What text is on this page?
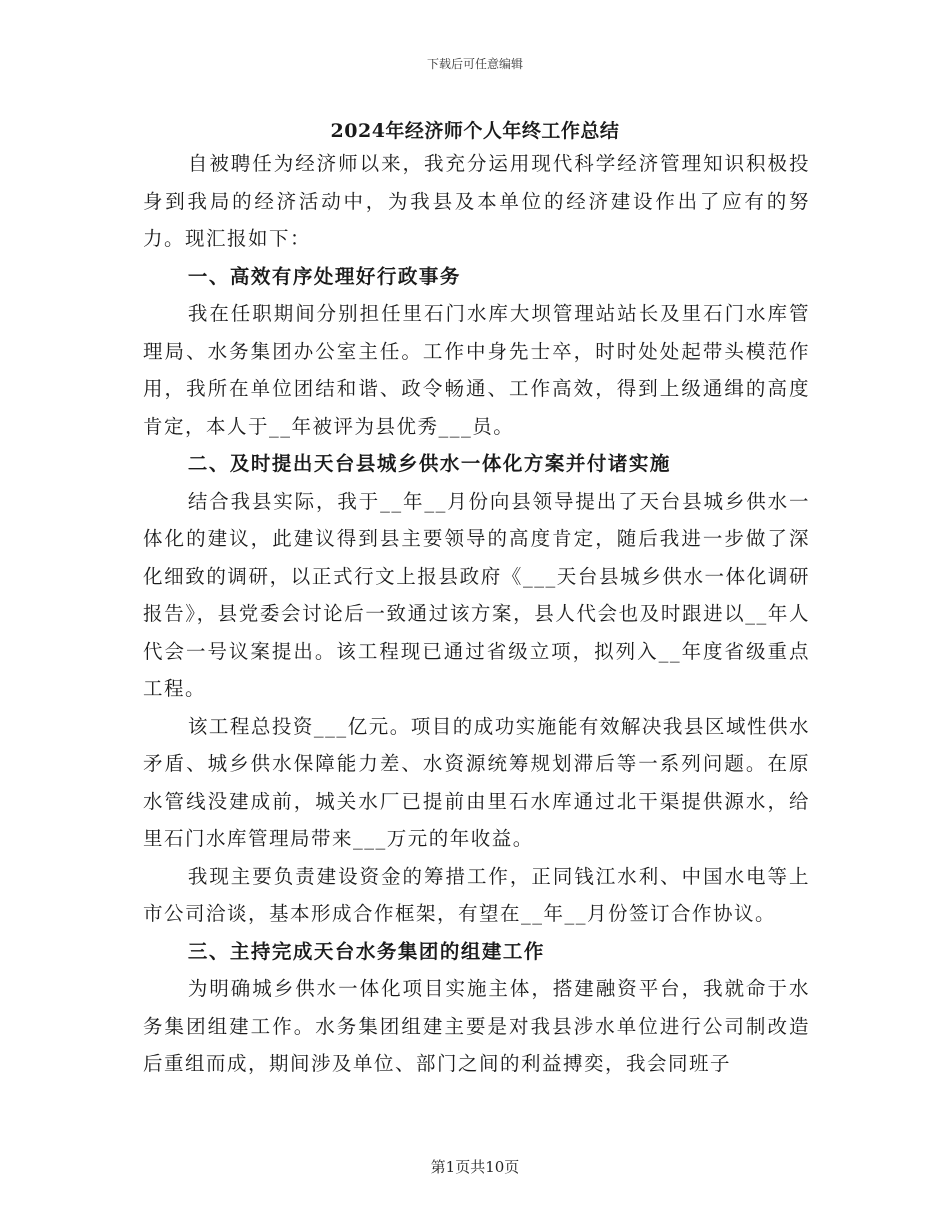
下载后可任意编辑
2024年经济师个人年终工作总结

自被聘任为经济师以来，我充分运用现代科学经济管理知识积极投身到我局的经济活动中，为我县及本单位的经济建设作出了应有的努力。现汇报如下：

一、高效有序处理好行政事务

我在任职期间分别担任里石门水库大坝管理站站长及里石门水库管理局、水务集团办公室主任。工作中身先士卒，时时处处起带头模范作用，我所在单位团结和谐、政令畅通、工作高效，得到上级通缉的高度肯定，本人于__年被评为县优秀___员。

二、及时提出天台县城乡供水一体化方案并付诸实施

结合我县实际，我于__年__月份向县领导提出了天台县城乡供水一体化的建议，此建议得到县主要领导的高度肯定，随后我进一步做了深化细致的调研，以正式行文上报县政府《___天台县城乡供水一体化调研报告》，县党委会讨论后一致通过该方案，县人代会也及时跟进以__年人代会一号议案提出。该工程现已通过省级立项，拟列入__年度省级重点工程。

该工程总投资___亿元。项目的成功实施能有效解决我县区域性供水矛盾、城乡供水保障能力差、水资源统筹规划滞后等一系列问题。在原水管线没建成前，城关水厂已提前由里石水库通过北干渠提供源水，给里石门水库管理局带来___万元的年收益。

我现主要负责建设资金的筹措工作，正同钱江水利、中国水电等上市公司洽谈，基本形成合作框架，有望在__年__月份签订合作协议。

三、主持完成天台水务集团的组建工作

为明确城乡供水一体化项目实施主体，搭建融资平台，我就命于水务集团组建工作。水务集团组建主要是对我县涉水单位进行公司制改造后重组而成，期间涉及单位、部门之间的利益搏奕，我会同班子

第1页共10页
